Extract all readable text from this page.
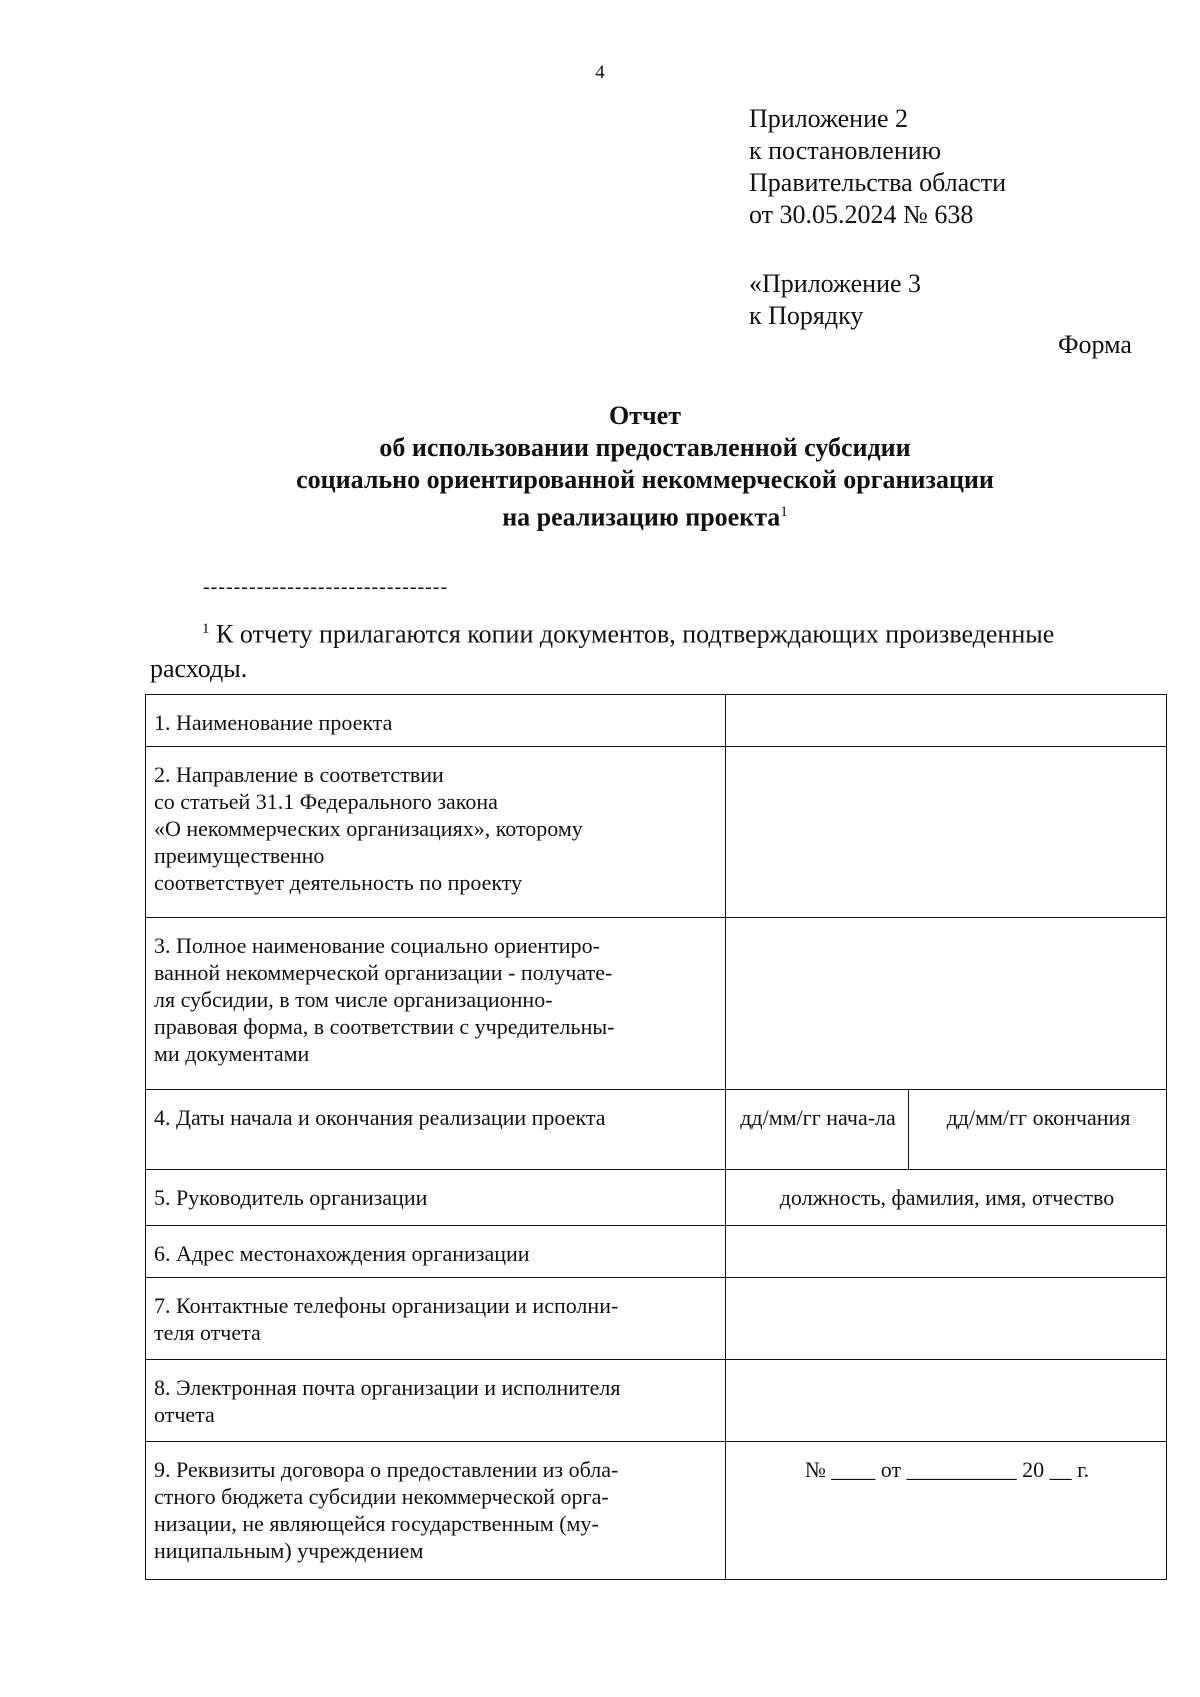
4
Приложение 2
к постановлению
Правительства области
от 30.05.2024 № 638
«Приложение 3
к Порядку
Форма
Отчет
об использовании предоставленной субсидии
социально ориентированной некоммерческой организации
на реализацию проекта$^1$
--------------------------------
$^1$ К отчету прилагаются копии документов, подтверждающих произведенные расходы.
1. Наименование проекта		

2. Направление в соответствии
со статьей 31.1 Федерального закона
«О некоммерческих организациях», которому
преимущественно
соответствует деятельность по проекту		

3. Полное наименование социально ориентиро-
ванной некоммерческой организации - получате-
ля субсидии, в том числе организационно-
правовая форма, в соответствии с учредительны-
ми документами		

4. Даты начала и окончания реализации проекта	дд/мм/гг нача-ла	дд/мм/гг окончания
5. Руководитель организации	должность, фамилия, имя, отчество	
6. Адрес местонахождения организации		

7. Контактные телефоны организации и исполни-
теля отчета		

8. Электронная почта организации и исполнителя
отчета		

9. Реквизиты договора о предоставлении из обла-
стного бюджета субсидии некоммерческой орга-
низации, не являющейся государственным (му-
ниципальным) учреждением	№ ____ от __________ 20 __ г.	
